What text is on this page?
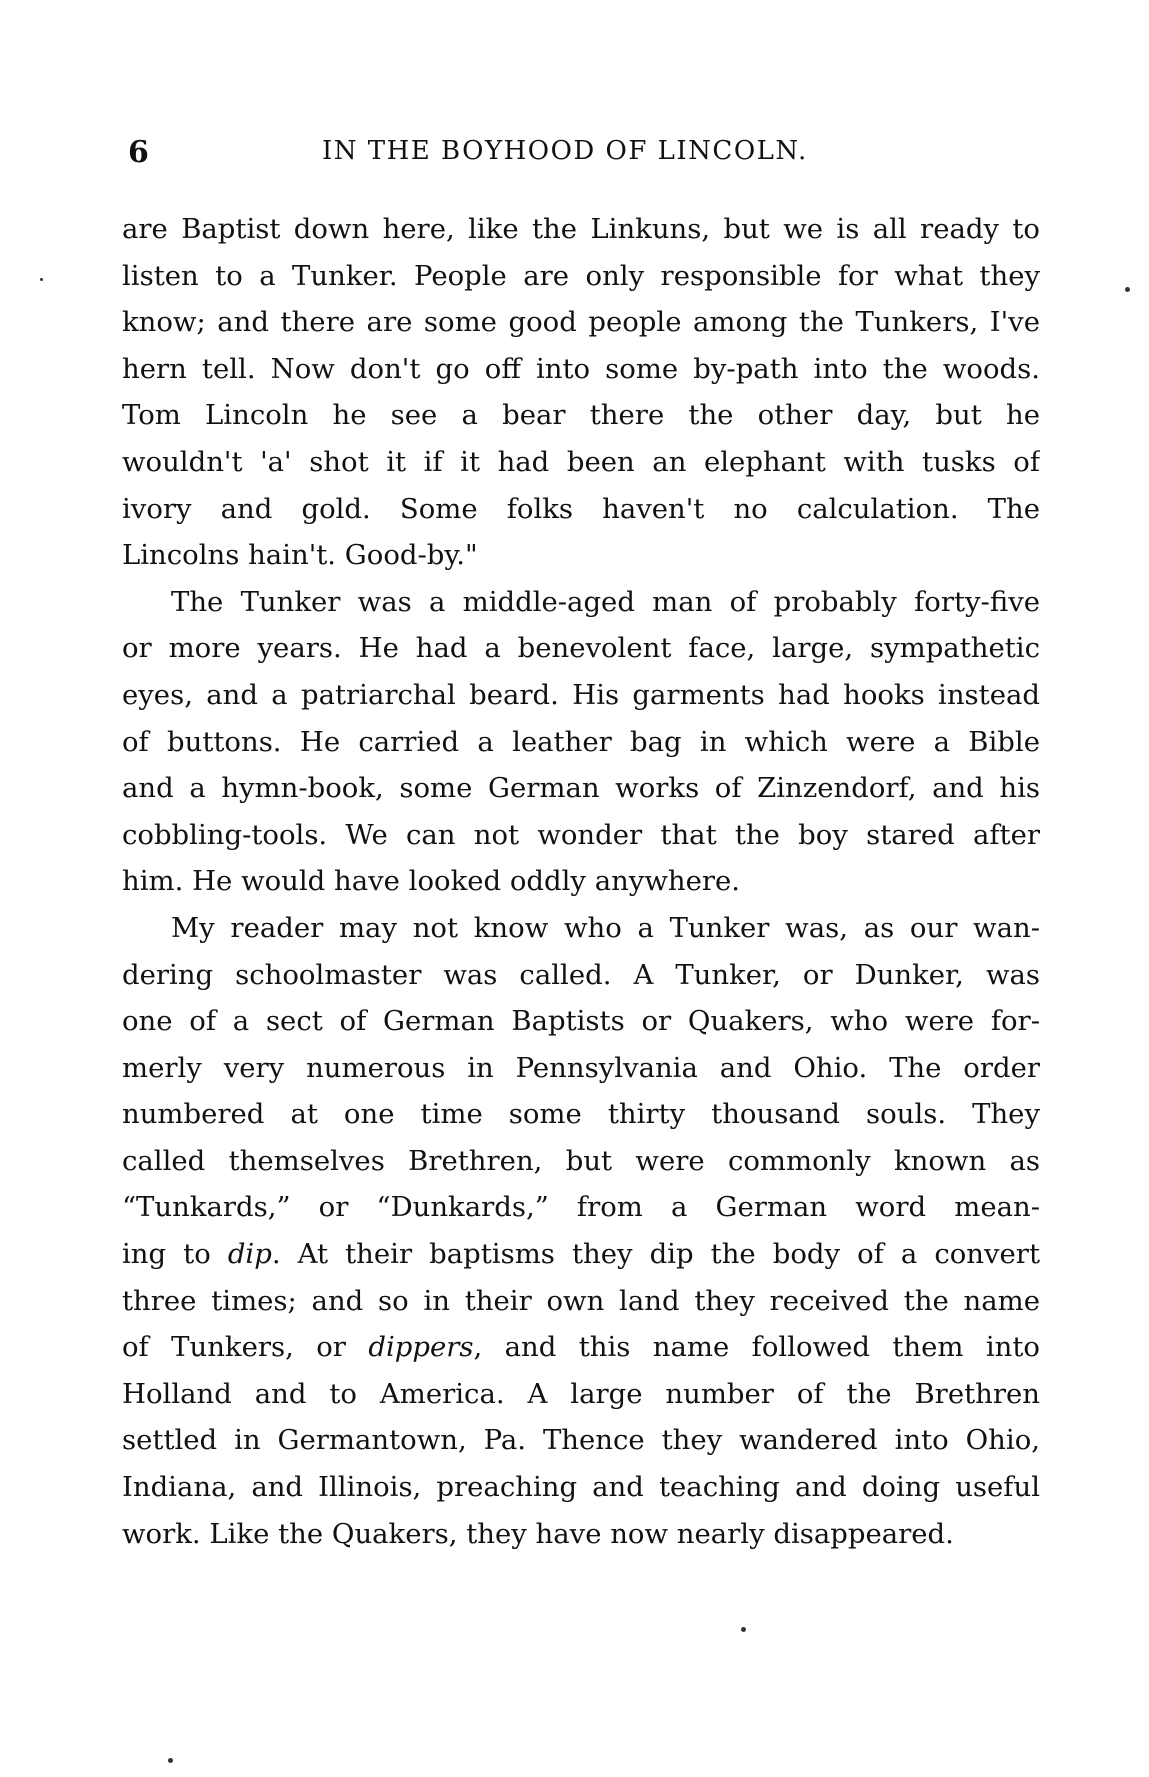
6	IN THE BOYHOOD OF LINCOLN.
are Baptist down here, like the Linkuns, but we is all ready to
listen to a Tunker. People are only responsible for what they
know; and there are some good people among the Tunkers, I've
hern tell. Now don't go off into some by-path into the woods.
Tom Lincoln he see a bear there the other day, but he
wouldn't 'a' shot it if it had been an elephant with tusks of
ivory and gold. Some folks haven't no calculation. The
Lincolns hain't. Good-by."
The Tunker was a middle-aged man of probably forty-five
or more years. He had a benevolent face, large, sympathetic
eyes, and a patriarchal beard. His garments had hooks instead
of buttons. He carried a leather bag in which were a Bible
and a hymn-book, some German works of Zinzendorf, and his
cobbling-tools. We can not wonder that the boy stared after
him. He would have looked oddly anywhere.
My reader may not know who a Tunker was, as our wan-
dering schoolmaster was called. A Tunker, or Dunker, was
one of a sect of German Baptists or Quakers, who were for-
merly very numerous in Pennsylvania and Ohio. The order
numbered at one time some thirty thousand souls. They
called themselves Brethren, but were commonly known as
“Tunkards,” or “Dunkards,” from a German word mean-
ing to dip. At their baptisms they dip the body of a convert
three times; and so in their own land they received the name
of Tunkers, or dippers, and this name followed them into
Holland and to America. A large number of the Brethren
settled in Germantown, Pa. Thence they wandered into Ohio,
Indiana, and Illinois, preaching and teaching and doing useful
work. Like the Quakers, they have now nearly disappeared.
